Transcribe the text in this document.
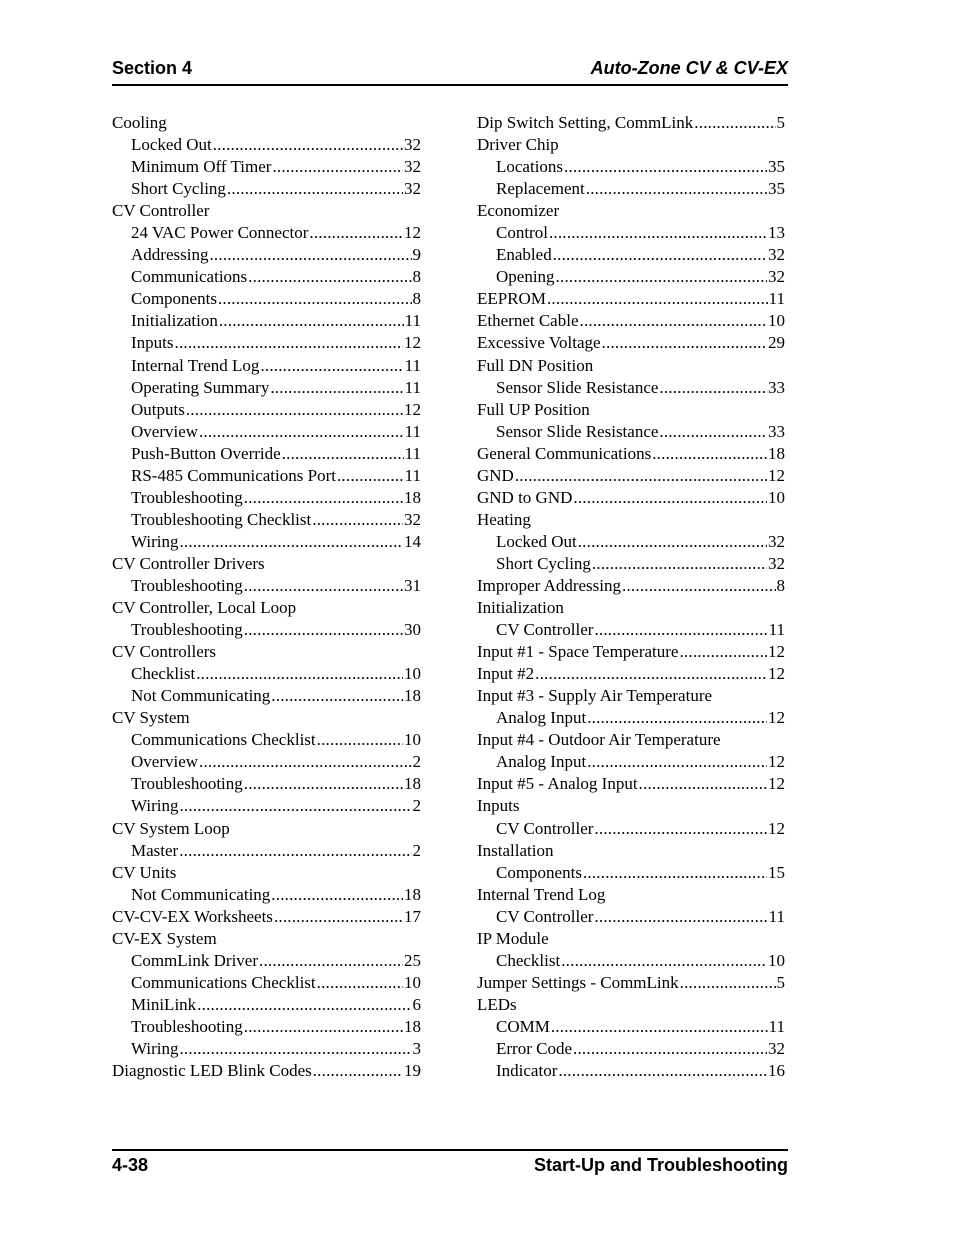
Section 4	Auto-Zone CV & CV-EX
Cooling
Locked Out .....	32
Minimum Off Timer .....	32
Short Cycling .....	32
CV Controller
24 VAC Power Connector .....	12
Addressing .....	9
Communications .....	8
Components .....	8
Initialization .....	11
Inputs .....	12
Internal Trend Log .....	11
Operating Summary .....	11
Outputs .....	12
Overview .....	11
Push-Button Override .....	11
RS-485 Communications Port .....	11
Troubleshooting .....	18
Troubleshooting Checklist .....	32
Wiring .....	14
CV Controller Drivers
Troubleshooting .....	31
CV Controller, Local Loop
Troubleshooting .....	30
CV Controllers
Checklist .....	10
Not Communicating .....	18
CV System
Communications Checklist .....	10
Overview .....	2
Troubleshooting .....	18
Wiring .....	2
CV System Loop
Master .....	2
CV Units
Not Communicating .....	18
CV-CV-EX Worksheets .....	17
CV-EX System
CommLink Driver .....	25
Communications Checklist .....	10
MiniLink .....	6
Troubleshooting .....	18
Wiring .....	3
Diagnostic LED Blink Codes .....	19
Dip Switch Setting, CommLink .....	5
Driver Chip
Locations .....	35
Replacement .....	35
Economizer
Control .....	13
Enabled .....	32
Opening .....	32
EEPROM .....	11
Ethernet Cable .....	10
Excessive Voltage .....	29
Full DN Position
Sensor Slide Resistance .....	33
Full UP Position
Sensor Slide Resistance .....	33
General Communications .....	18
GND .....	12
GND to GND .....	10
Heating
Locked Out .....	32
Short Cycling .....	32
Improper Addressing .....	8
Initialization
CV Controller .....	11
Input #1 - Space Temperature .....	12
Input #2 .....	12
Input #3 - Supply Air Temperature
Analog Input .....	12
Input #4 - Outdoor Air Temperature
Analog Input .....	12
Input #5 - Analog Input .....	12
Inputs
CV Controller .....	12
Installation
Components .....	15
Internal Trend Log
CV Controller .....	11
IP Module
Checklist .....	10
Jumper Settings - CommLink .....	5
LEDs
COMM .....	11
Error Code .....	32
Indicator .....	16
4-38	Start-Up and Troubleshooting
